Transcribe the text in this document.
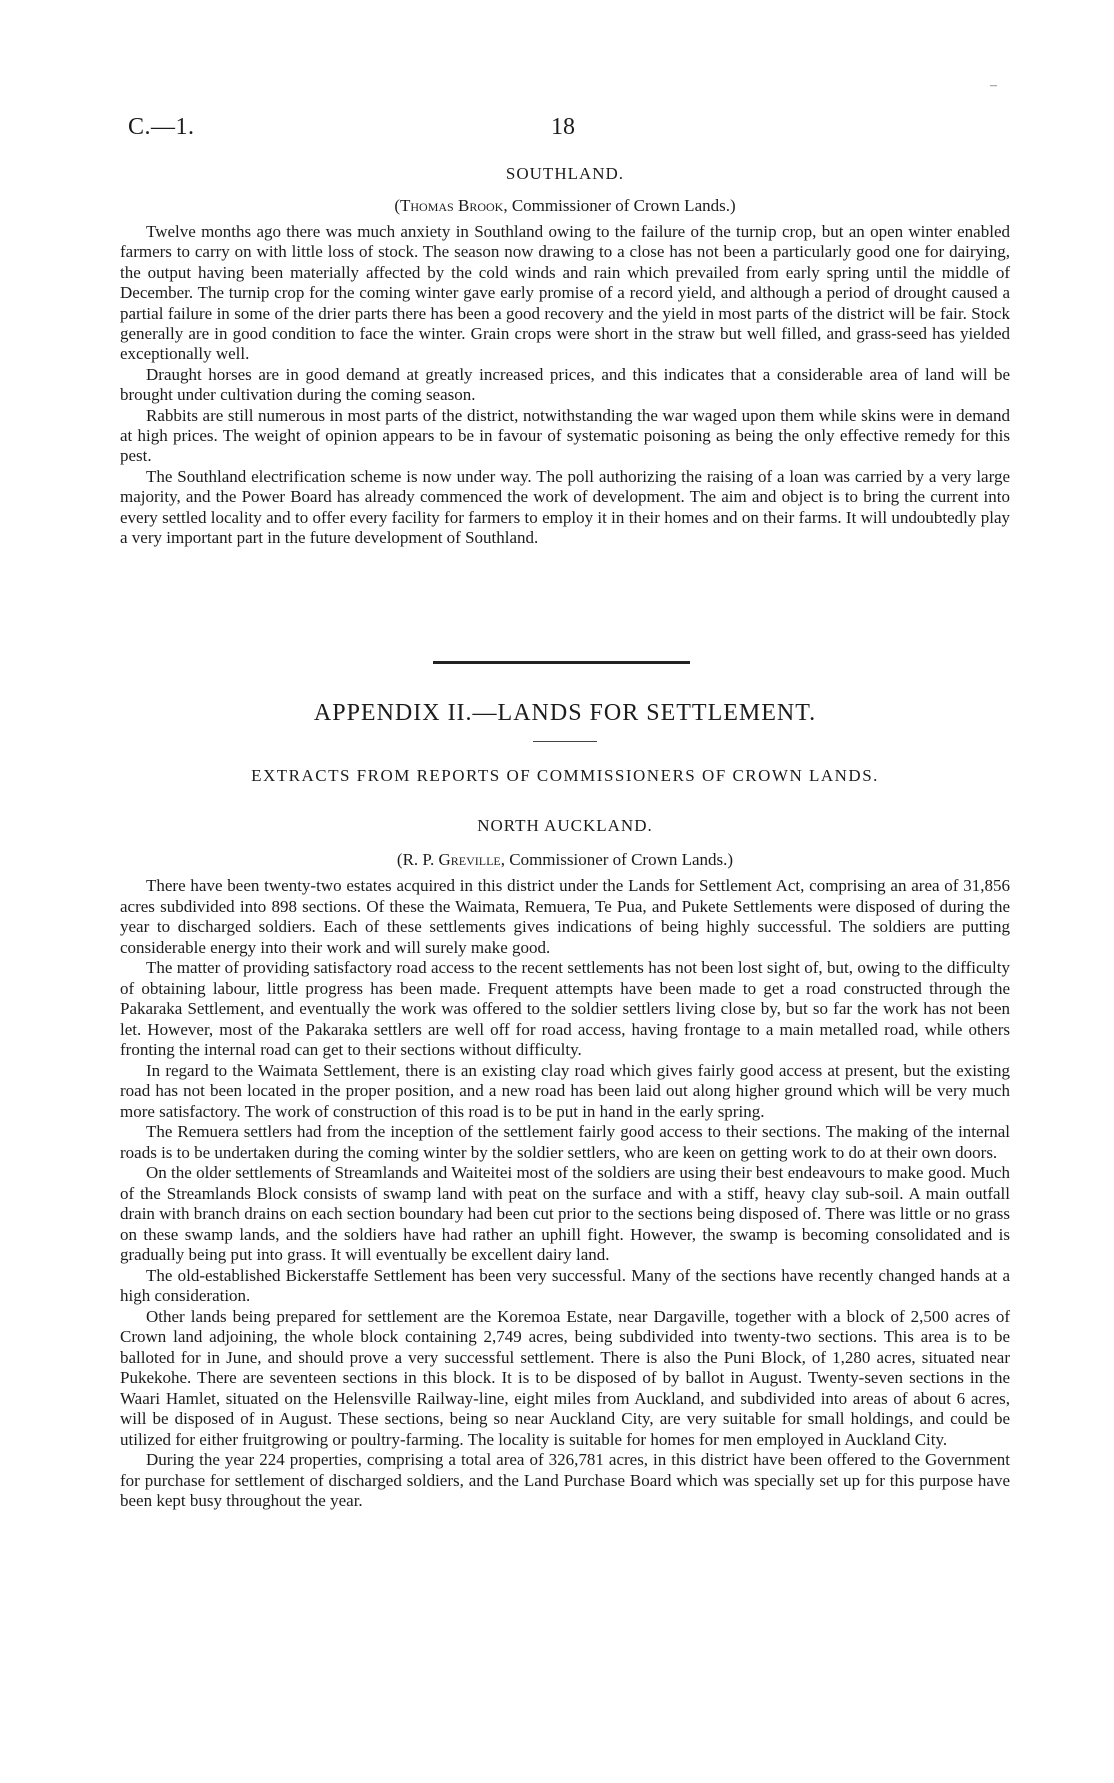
–
C.—1.	18
SOUTHLAND.
(Thomas Brook, Commissioner of Crown Lands.)

Twelve months ago there was much anxiety in Southland owing to the failure of the turnip crop, but an open winter enabled farmers to carry on with little loss of stock. The season now drawing to a close has not been a particularly good one for dairying, the output having been materially affected by the cold winds and rain which prevailed from early spring until the middle of December. The turnip crop for the coming winter gave early promise of a record yield, and although a period of drought caused a partial failure in some of the drier parts there has been a good recovery and the yield in most parts of the district will be fair. Stock generally are in good condition to face the winter. Grain crops were short in the straw but well filled, and grass-seed has yielded exceptionally well.

Draught horses are in good demand at greatly increased prices, and this indicates that a considerable area of land will be brought under cultivation during the coming season.

Rabbits are still numerous in most parts of the district, notwithstanding the war waged upon them while skins were in demand at high prices. The weight of opinion appears to be in favour of systematic poisoning as being the only effective remedy for this pest.

The Southland electrification scheme is now under way. The poll authorizing the raising of a loan was carried by a very large majority, and the Power Board has already commenced the work of development. The aim and object is to bring the current into every settled locality and to offer every facility for farmers to employ it in their homes and on their farms. It will undoubtedly play a very important part in the future development of Southland.

APPENDIX II.—LANDS FOR SETTLEMENT.
EXTRACTS FROM REPORTS OF COMMISSIONERS OF CROWN LANDS.
NORTH AUCKLAND.
(R. P. Greville, Commissioner of Crown Lands.)

There have been twenty-two estates acquired in this district under the Lands for Settlement Act, comprising an area of 31,856 acres subdivided into 898 sections. Of these the Waimata, Remuera, Te Pua, and Pukete Settlements were disposed of during the year to discharged soldiers. Each of these settlements gives indications of being highly successful. The soldiers are putting considerable energy into their work and will surely make good.

The matter of providing satisfactory road access to the recent settlements has not been lost sight of, but, owing to the difficulty of obtaining labour, little progress has been made. Frequent attempts have been made to get a road constructed through the Pakaraka Settlement, and eventually the work was offered to the soldier settlers living close by, but so far the work has not been let. However, most of the Pakaraka settlers are well off for road access, having frontage to a main metalled road, while others fronting the internal road can get to their sections without difficulty.

In regard to the Waimata Settlement, there is an existing clay road which gives fairly good access at present, but the existing road has not been located in the proper position, and a new road has been laid out along higher ground which will be very much more satisfactory. The work of construction of this road is to be put in hand in the early spring.

The Remuera settlers had from the inception of the settlement fairly good access to their sections. The making of the internal roads is to be undertaken during the coming winter by the soldier settlers, who are keen on getting work to do at their own doors.

On the older settlements of Streamlands and Waiteitei most of the soldiers are using their best endeavours to make good. Much of the Streamlands Block consists of swamp land with peat on the surface and with a stiff, heavy clay sub-soil. A main outfall drain with branch drains on each section boundary had been cut prior to the sections being disposed of. There was little or no grass on these swamp lands, and the soldiers have had rather an uphill fight. However, the swamp is becoming consolidated and is gradually being put into grass. It will eventually be excellent dairy land.

The old-established Bickerstaffe Settlement has been very successful. Many of the sections have recently changed hands at a high consideration.

Other lands being prepared for settlement are the Koremoa Estate, near Dargaville, together with a block of 2,500 acres of Crown land adjoining, the whole block containing 2,749 acres, being subdivided into twenty-two sections. This area is to be balloted for in June, and should prove a very successful settlement. There is also the Puni Block, of 1,280 acres, situated near Pukekohe. There are seventeen sections in this block. It is to be disposed of by ballot in August. Twenty-seven sections in the Waari Hamlet, situated on the Helensville Railway-line, eight miles from Auckland, and subdivided into areas of about 6 acres, will be disposed of in August. These sections, being so near Auckland City, are very suitable for small holdings, and could be utilized for either fruitgrowing or poultry-farming. The locality is suitable for homes for men employed in Auckland City.

During the year 224 properties, comprising a total area of 326,781 acres, in this district have been offered to the Government for purchase for settlement of discharged soldiers, and the Land Purchase Board which was specially set up for this purpose have been kept busy throughout the year.
